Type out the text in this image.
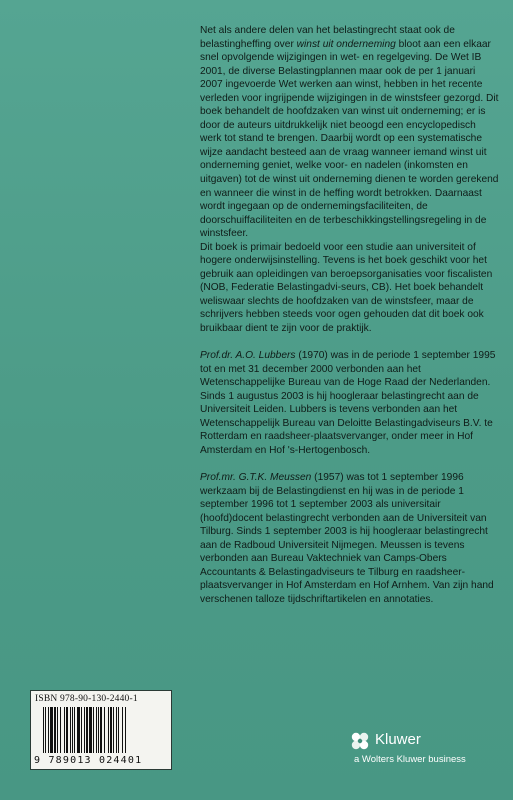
Net als andere delen van het belastingrecht staat ook de belastingheffing over winst uit onderneming bloot aan een elkaar snel opvolgende wijzigingen in wet- en regelgeving. De Wet IB 2001, de diverse Belastingplannen maar ook de per 1 januari 2007 ingevoerde Wet werken aan winst, hebben in het recente verleden voor ingrijpende wijzigingen in de winstsfeer gezorgd. Dit boek behandelt de hoofdzaken van winst uit onderneming; er is door de auteurs uitdrukkelijk niet beoogd een encyclopedisch werk tot stand te brengen. Daarbij wordt op een systematische wijze aandacht besteed aan de vraag wanneer iemand winst uit onderneming geniet, welke voor- en nadelen (inkomsten en uitgaven) tot de winst uit onderneming dienen te worden gerekend en wanneer die winst in de heffing wordt betrokken. Daarnaast wordt ingegaan op de ondernemingsfaciliteiten, de doorschuiffaciliteiten en de terbeschikkingstellingsregeling in de winstsfeer.

Dit boek is primair bedoeld voor een studie aan universiteit of hogere onderwijsinstelling. Tevens is het boek geschikt voor het gebruik aan opleidingen van beroepsorganisaties voor fiscalisten (NOB, Federatie Belastingadvi-seurs, CB). Het boek behandelt weliswaar slechts de hoofdzaken van de winstsfeer, maar de schrijvers hebben steeds voor ogen gehouden dat dit boek ook bruikbaar dient te zijn voor de praktijk.

Prof.dr. A.O. Lubbers (1970) was in de periode 1 september 1995 tot en met 31 december 2000 verbonden aan het Wetenschappelijke Bureau van de Hoge Raad der Nederlanden. Sinds 1 augustus 2003 is hij hoogleraar belastingrecht aan de Universiteit Leiden. Lubbers is tevens verbonden aan het Wetenschappelijk Bureau van Deloitte Belastingadviseurs B.V. te Rotterdam en raadsheer-plaatsvervanger, onder meer in Hof Amsterdam en Hof 's-Hertogenbosch.

Prof.mr. G.T.K. Meussen (1957) was tot 1 september 1996 werkzaam bij de Belastingdienst en hij was in de periode 1 september 1996 tot 1 september 2003 als universitair (hoofd)docent belastingrecht verbonden aan de Universiteit van Tilburg. Sinds 1 september 2003 is hij hoogleraar belastingrecht aan de Radboud Universiteit Nijmegen. Meussen is tevens verbonden aan Bureau Vaktechniek van Camps-Obers Accountants & Belastingadviseurs te Tilburg en raadsheer-plaatsvervanger in Hof Amsterdam en Hof Arnhem. Van zijn hand verschenen talloze tijdschriftartikelen en annotaties.

ISBN 978-90-130-2440-1
9 789013 024401
Kluwer
a Wolters Kluwer business
